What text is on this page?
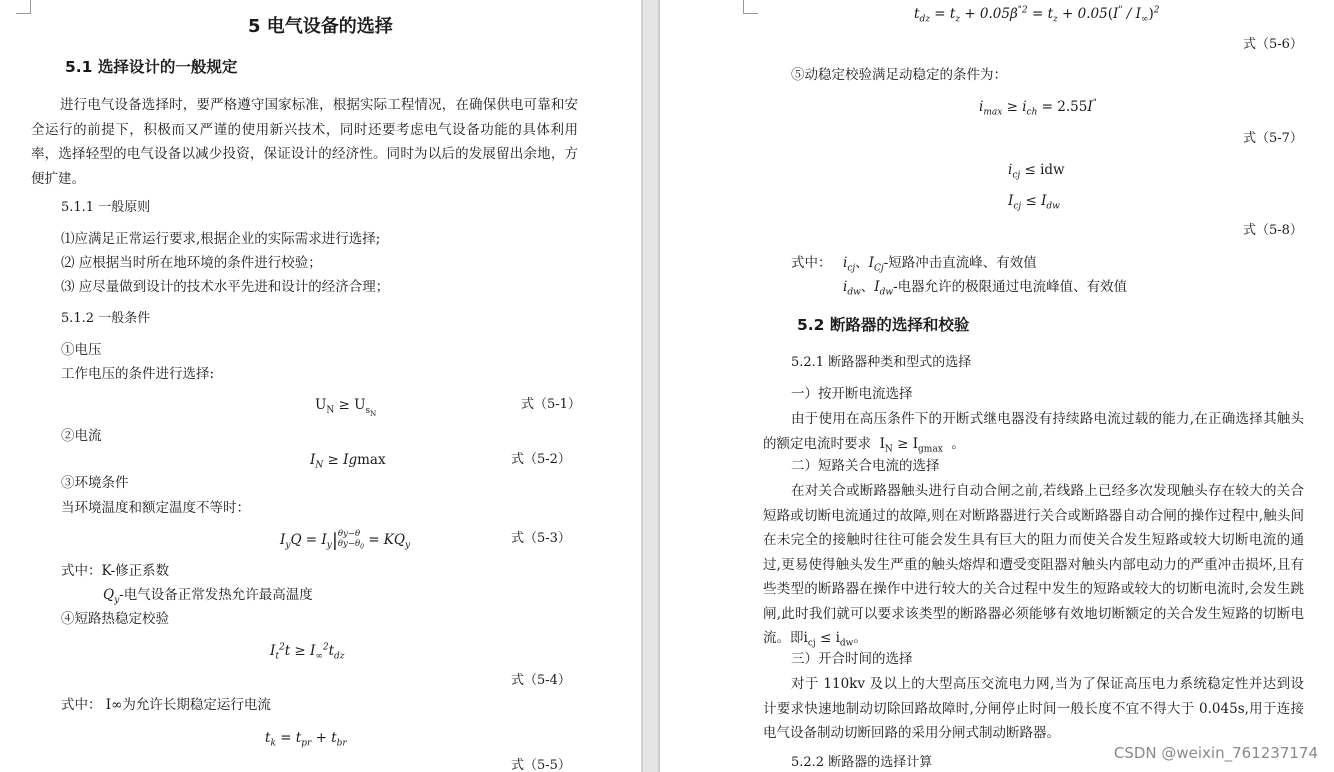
5 电气设备的选择
5.1 选择设计的一般规定
进行电气设备选择时，要严格遵守国家标准，根据实际工程情况，在确保供电可靠和安全运行的前提下，积极而又严谨的使用新兴技术，同时还要考虑电气设备功能的具体利用率，选择轻型的电气设备以减少投资，保证设计的经济性。同时为以后的发展留出余地，方便扩建。
5.1.1 一般原则
⑴应满足正常运行要求,根据企业的实际需求进行选择;
⑵ 应根据当时所在地环境的条件进行校验；
⑶ 应尽量做到设计的技术水平先进和设计的经济合理；
5.1.2 一般条件
①电压
工作电压的条件进行选择:
$U_N \ge U_{s_N}$
式（5-1）
②电流
$I_N \ge Igmax$	式（5-2）
③环境条件
当环境温度和额定温度不等时：
$I_yQ = I_y|$ θy−θ
$\theta y-\theta_0 = KQ_y$	式（5-3）
式中：K-修正系数
$Q_y-$电气设备正常发热允许最高温度
④短路热稳定校验
$I_t^2t \ge I_\infty^2t_{dz}$
式（5-4）
式中： I∞为允许长期稳定运行电流
$t_k = t_{pr} + t_{br}$
式（5-5）
$t_{dz} = t_z + 0.05\beta^{"2} = t_z + 0.05(I^" / I_\infty)^2$
式（5-6）
⑤动稳定校验满足动稳定的条件为：
$i_{max} \ge i_{ch} = 2.55I^"$
式（5-7）
$i_{cj}$ ≤ idw
$I_{cj} \le I_{dw}$
式（5-8）
式中： $i_{cj}$、$I_{Cj}-$短路冲击直流峰、有效值
$i_{dw}$、$I_{dw}-$电器允许的极限通过电流峰值、有效值
5.2 断路器的选择和校验
5.2.1 断路器种类和型式的选择
一）按开断电流选择
由于使用在高压条件下的开断式继电器没有持续路电流过载的能力,在正确选择其触头的额定电流时要求  $I_N \ge I_{gmax}$  。
二）短路关合电流的选择
在对关合或断路器触头进行自动合闸之前,若线路上已经多次发现触头存在较大的关合短路或切断电流通过的故障,则在对断路器进行关合或断路器自动合闸的操作过程中,触头间在未完全的接触时往往可能会发生具有巨大的阻力而使关合发生短路或较大切断电流的通过,更易使得触头发生严重的触头熔焊和遭受变阻器对触头内部电动力的严重冲击损坏,且有些类型的断路器在操作中进行较大的关合过程中发生的短路或较大的切断电流时,会发生跳闸,此时我们就可以要求该类型的断路器必须能够有效地切断额定的关合发生短路的切断电流。即$i_{cj} \le i_{dw}$。
三）开合时间的选择
对于 110kv 及以上的大型高压交流电力网,当为了保证高压电力系统稳定性并达到设计要求快速地制动切除回路故障时,分闸停止时间一般长度不宜不得大于 0.045s,用于连接电气设备制动切断回路的采用分闸式制动断路器。
5.2.2 断路器的选择计算
CSDN @weixin_761237174
